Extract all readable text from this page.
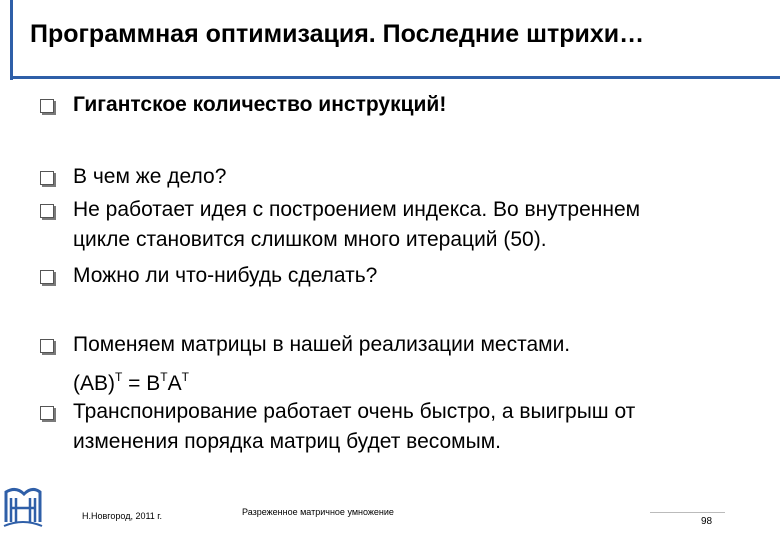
Программная оптимизация. Последние штрихи…
Гигантское количество инструкций!
В чем же дело?
Не работает идея с построением индекса. Во внутреннем
цикле становится слишком много итераций (50).
Можно ли что-нибудь сделать?
Поменяем матрицы в нашей реализации местами.
$(AB)^T = B^TA^T$
Транспонирование работает очень быстро, а выигрыш от
изменения порядка матриц будет весомым.
Н.Новгород, 2011 г.	Разреженное матричное умножение
98
